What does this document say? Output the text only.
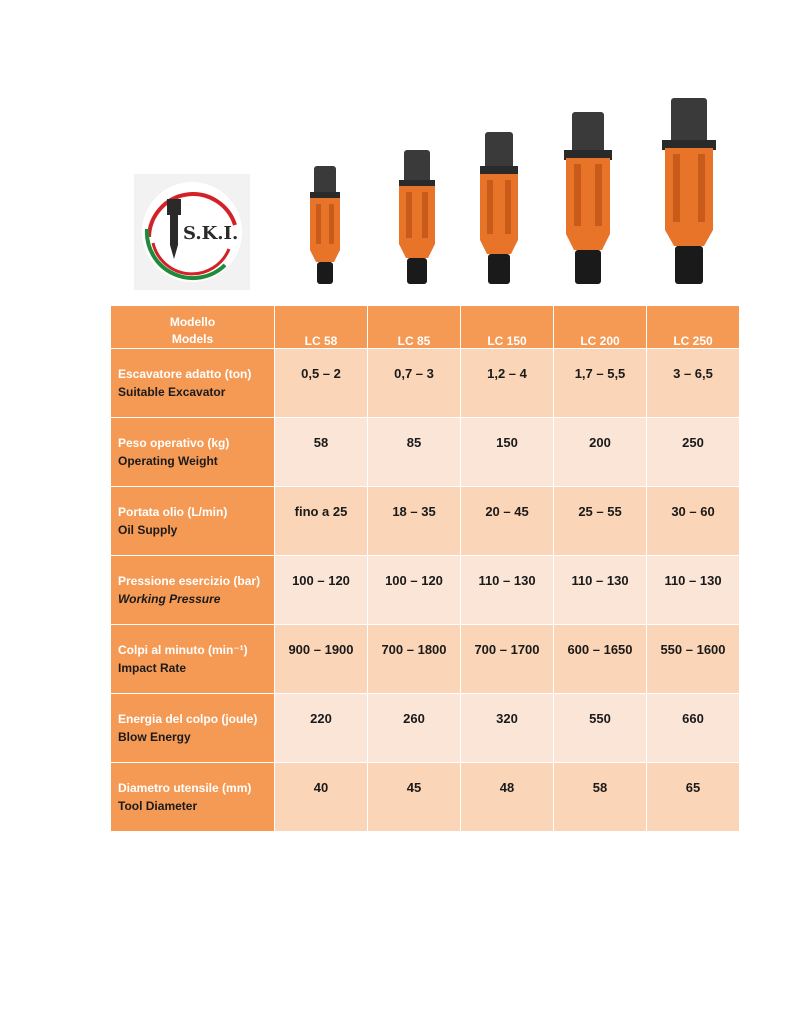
S.K.I.
Modello
Models	LC 58	LC 85	LC 150	LC 200	LC 250

Escavatore adatto (ton)
Suitable Excavator	0,5 – 2	0,7 – 3	1,2 – 4	1,7 – 5,5	3 – 6,5

Peso operativo (kg)
Operating Weight	58	85	150	200	250

Portata olio (L/min)
Oil Supply	fino a 25	18 – 35	20 – 45	25 – 55	30 – 60

Pressione esercizio (bar)
Working Pressure	100 – 120	100 – 120	110 – 130	110 – 130	110 – 130

Colpi al minuto (min⁻¹)
Impact Rate	900 – 1900	700 – 1800	700 – 1700	600 – 1650	550 – 1600

Energia del colpo (joule)
Blow Energy	220	260	320	550	660

Diametro utensile (mm)
Tool Diameter	40	45	48	58	65
